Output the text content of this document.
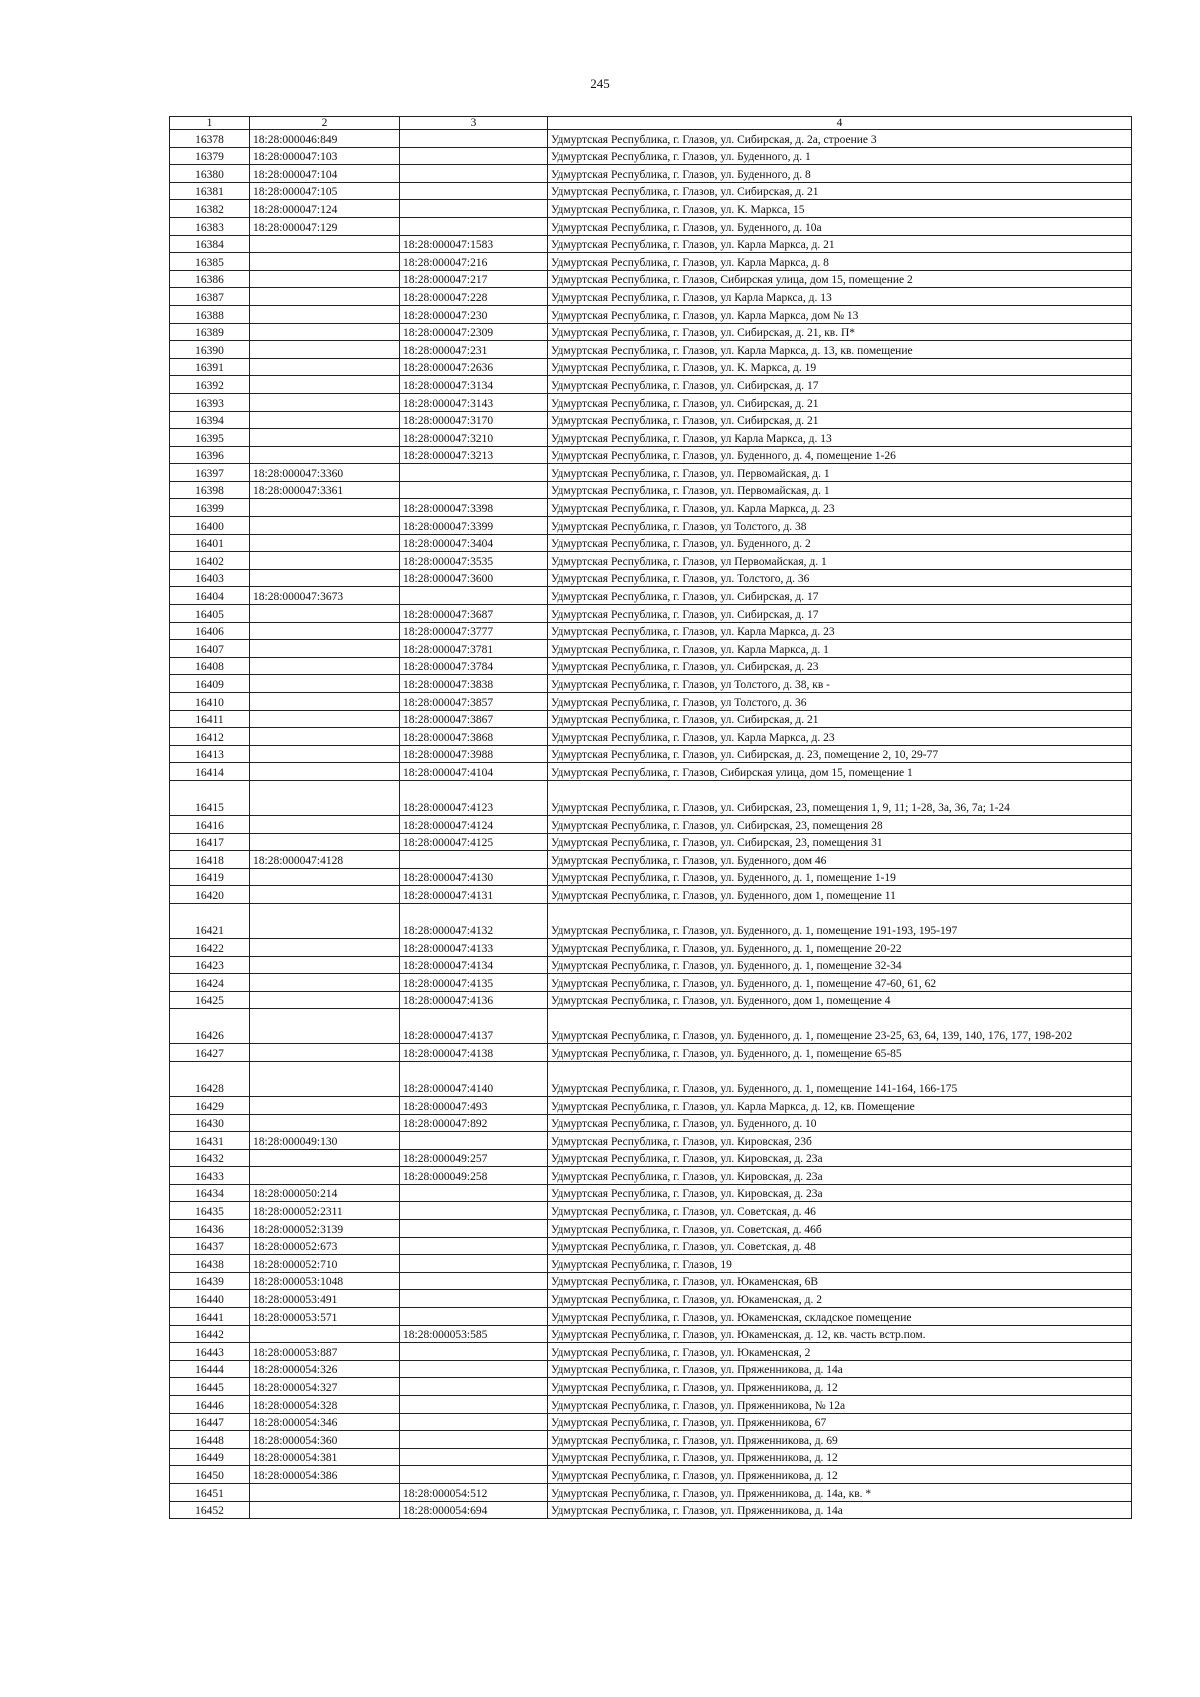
245
1	2	3	4
16378	18:28:000046:849		Удмуртская Республика, г. Глазов, ул. Сибирская, д. 2а, строение 3
16379	18:28:000047:103		Удмуртская Республика, г. Глазов, ул. Буденного, д. 1
16380	18:28:000047:104		Удмуртская Республика, г. Глазов, ул. Буденного, д. 8
16381	18:28:000047:105		Удмуртская Республика, г. Глазов, ул. Сибирская, д. 21
16382	18:28:000047:124		Удмуртская Республика, г. Глазов, ул. К. Маркса, 15
16383	18:28:000047:129		Удмуртская Республика, г. Глазов, ул. Буденного, д. 10а
16384		18:28:000047:1583	Удмуртская Республика, г. Глазов, ул. Карла Маркса, д. 21
16385		18:28:000047:216	Удмуртская Республика, г. Глазов, ул. Карла Маркса, д. 8
16386		18:28:000047:217	Удмуртская Республика, г. Глазов, Сибирская улица, дом 15, помещение 2
16387		18:28:000047:228	Удмуртская Республика, г. Глазов, ул Карла Маркса, д. 13
16388		18:28:000047:230	Удмуртская Республика, г. Глазов, ул. Карла Маркса, дом № 13
16389		18:28:000047:2309	Удмуртская Республика, г. Глазов, ул. Сибирская, д. 21, кв. П*
16390		18:28:000047:231	Удмуртская Республика, г. Глазов, ул. Карла Маркса, д. 13, кв. помещение
16391		18:28:000047:2636	Удмуртская Республика, г. Глазов, ул. К. Маркса, д. 19
16392		18:28:000047:3134	Удмуртская Республика, г. Глазов, ул. Сибирская, д. 17
16393		18:28:000047:3143	Удмуртская Республика, г. Глазов, ул. Сибирская, д. 21
16394		18:28:000047:3170	Удмуртская Республика, г. Глазов, ул. Сибирская, д. 21
16395		18:28:000047:3210	Удмуртская Республика, г. Глазов, ул Карла Маркса, д. 13
16396		18:28:000047:3213	Удмуртская Республика, г. Глазов, ул. Буденного, д. 4, помещение 1-26
16397	18:28:000047:3360		Удмуртская Республика, г. Глазов, ул. Первомайская, д. 1
16398	18:28:000047:3361		Удмуртская Республика, г. Глазов, ул. Первомайская, д. 1
16399		18:28:000047:3398	Удмуртская Республика, г. Глазов, ул. Карла Маркса, д. 23
16400		18:28:000047:3399	Удмуртская Республика, г. Глазов, ул Толстого, д. 38
16401		18:28:000047:3404	Удмуртская Республика, г. Глазов, ул. Буденного, д. 2
16402		18:28:000047:3535	Удмуртская Республика, г. Глазов, ул Первомайская, д. 1
16403		18:28:000047:3600	Удмуртская Республика, г. Глазов, ул. Толстого, д. 36
16404	18:28:000047:3673		Удмуртская Республика, г. Глазов, ул. Сибирская, д. 17
16405		18:28:000047:3687	Удмуртская Республика, г. Глазов, ул. Сибирская, д. 17
16406		18:28:000047:3777	Удмуртская Республика, г. Глазов, ул. Карла Маркса, д. 23
16407		18:28:000047:3781	Удмуртская Республика, г. Глазов, ул. Карла Маркса, д. 1
16408		18:28:000047:3784	Удмуртская Республика, г. Глазов, ул. Сибирская, д. 23
16409		18:28:000047:3838	Удмуртская Республика, г. Глазов, ул Толстого, д. 38, кв -
16410		18:28:000047:3857	Удмуртская Республика, г. Глазов, ул Толстого, д. 36
16411		18:28:000047:3867	Удмуртская Республика, г. Глазов, ул. Сибирская, д. 21
16412		18:28:000047:3868	Удмуртская Республика, г. Глазов, ул. Карла Маркса, д. 23
16413		18:28:000047:3988	Удмуртская Республика, г. Глазов, ул. Сибирская, д. 23, помещение 2, 10, 29-77
16414		18:28:000047:4104	Удмуртская Республика, г. Глазов, Сибирская улица, дом 15, помещение 1
16415		18:28:000047:4123	Удмуртская Республика, г. Глазов, ул. Сибирская, 23, помещения 1, 9, 11; 1-28, 3а, 36, 7а; 1-24
16416		18:28:000047:4124	Удмуртская Республика, г. Глазов, ул. Сибирская, 23, помещения 28
16417		18:28:000047:4125	Удмуртская Республика, г. Глазов, ул. Сибирская, 23, помещения 31
16418	18:28:000047:4128		Удмуртская Республика, г. Глазов, ул. Буденного, дом 46
16419		18:28:000047:4130	Удмуртская Республика, г. Глазов, ул. Буденного, д. 1, помещение 1-19
16420		18:28:000047:4131	Удмуртская Республика, г. Глазов, ул. Буденного, дом 1, помещение 11
16421		18:28:000047:4132	Удмуртская Республика, г. Глазов, ул. Буденного, д. 1, помещение 191-193, 195-197
16422		18:28:000047:4133	Удмуртская Республика, г. Глазов, ул. Буденного, д. 1, помещение 20-22
16423		18:28:000047:4134	Удмуртская Республика, г. Глазов, ул. Буденного, д. 1, помещение 32-34
16424		18:28:000047:4135	Удмуртская Республика, г. Глазов, ул. Буденного, д. 1, помещение 47-60, 61, 62
16425		18:28:000047:4136	Удмуртская Республика, г. Глазов, ул. Буденного, дом 1, помещение 4
16426		18:28:000047:4137	Удмуртская Республика, г. Глазов, ул. Буденного, д. 1, помещение 23-25, 63, 64, 139, 140, 176, 177, 198-202
16427		18:28:000047:4138	Удмуртская Республика, г. Глазов, ул. Буденного, д. 1, помещение 65-85
16428		18:28:000047:4140	Удмуртская Республика, г. Глазов, ул. Буденного, д. 1, помещение 141-164, 166-175
16429		18:28:000047:493	Удмуртская Республика, г. Глазов, ул. Карла Маркса, д. 12, кв. Помещение
16430		18:28:000047:892	Удмуртская Республика, г. Глазов, ул. Буденного, д. 10
16431	18:28:000049:130		Удмуртская Республика, г. Глазов, ул. Кировская, 23б
16432		18:28:000049:257	Удмуртская Республика, г. Глазов, ул. Кировская, д. 23а
16433		18:28:000049:258	Удмуртская Республика, г. Глазов, ул. Кировская, д. 23а
16434	18:28:000050:214		Удмуртская Республика, г. Глазов, ул. Кировская, д. 23а
16435	18:28:000052:2311		Удмуртская Республика, г. Глазов, ул. Советская, д. 46
16436	18:28:000052:3139		Удмуртская Республика, г. Глазов, ул. Советская, д. 46б
16437	18:28:000052:673		Удмуртская Республика, г. Глазов, ул. Советская, д. 48
16438	18:28:000052:710		Удмуртская Республика, г. Глазов, 19
16439	18:28:000053:1048		Удмуртская Республика, г. Глазов, ул. Юкаменская, 6В
16440	18:28:000053:491		Удмуртская Республика, г. Глазов, ул. Юкаменская, д. 2
16441	18:28:000053:571		Удмуртская Республика, г. Глазов, ул. Юкаменская, складское помещение
16442		18:28:000053:585	Удмуртская Республика, г. Глазов, ул. Юкаменская, д. 12, кв. часть встр.пом.
16443	18:28:000053:887		Удмуртская Республика, г. Глазов, ул. Юкаменская, 2
16444	18:28:000054:326		Удмуртская Республика, г. Глазов, ул. Пряженникова, д. 14а
16445	18:28:000054:327		Удмуртская Республика, г. Глазов, ул. Пряженникова, д. 12
16446	18:28:000054:328		Удмуртская Республика, г. Глазов, ул. Пряженникова, № 12а
16447	18:28:000054:346		Удмуртская Республика, г. Глазов, ул. Пряженникова, 67
16448	18:28:000054:360		Удмуртская Республика, г. Глазов, ул. Пряженникова, д. 69
16449	18:28:000054:381		Удмуртская Республика, г. Глазов, ул. Пряженникова, д. 12
16450	18:28:000054:386		Удмуртская Республика, г. Глазов, ул. Пряженникова, д. 12
16451		18:28:000054:512	Удмуртская Республика, г. Глазов, ул. Пряженникова, д. 14а, кв. *
16452		18:28:000054:694	Удмуртская Республика, г. Глазов, ул. Пряженникова, д. 14а
